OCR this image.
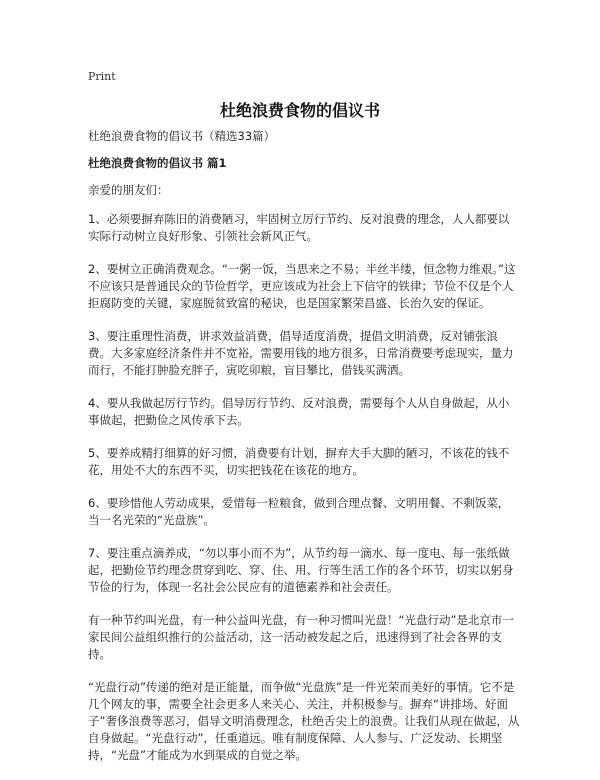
Print
杜绝浪费食物的倡议书

杜绝浪费食物的倡议书（精选33篇）

杜绝浪费食物的倡议书 篇1

亲爱的朋友们：

1、必须要摒弃陈旧的消费陋习，牢固树立厉行节约、反对浪费的理念，人人都要以实际行动树立良好形象、引领社会新风正气。

2、要树立正确消费观念。“一粥一饭，当思来之不易；半丝半缕，恒念物力维艰。”这不应该只是普通民众的节俭哲学，更应该成为社会上下信守的铁律；节俭不仅是个人拒腐防变的关键，家庭脱贫致富的秘诀，也是国家繁荣昌盛、长治久安的保证。

3、要注重理性消费，讲求效益消费，倡导适度消费，提倡文明消费，反对铺张浪费。大多家庭经济条件并不宽裕，需要用钱的地方很多，日常消费要考虑现实，量力而行，不能打肿脸充胖子，寅吃卯粮，盲目攀比，借钱买满洒。

4、要从我做起厉行节约。倡导厉行节约、反对浪费，需要每个人从自身做起，从小事做起，把勤俭之风传承下去。

5、要养成精打细算的好习惯，消费要有计划，摒弃大手大脚的陋习，不该花的钱不花，用处不大的东西不买，切实把钱花在该花的地方。

6、要珍惜他人劳动成果，爱惜每一粒粮食，做到合理点餐、文明用餐、不剩饭菜，当一名光荣的“光盘族”。

7、要注重点滴养成，“勿以事小而不为”，从节约每一滴水、每一度电、每一张纸做起，把勤俭节约理念贯穿到吃、穿、住、用、行等生活工作的各个环节，切实以躬身节俭的行为，体现一名社会公民应有的道德素养和社会责任。

有一种节约叫光盘，有一种公益叫光盘，有一种习惯叫光盘！“光盘行动”是北京市一家民间公益组织推行的公益活动，这一活动被发起之后，迅速得到了社会各界的支持。

“光盘行动”传递的绝对是正能量，而争做“光盘族”是一件光荣而美好的事情。它不是几个网友的事，需要全社会更多人来关心、关注，并积极参与。摒弃“讲排场、好面子”奢侈浪费等恶习，倡导文明消费理念，杜绝舌尖上的浪费。让我们从现在做起，从自身做起。“光盘行动”，任重道远。唯有制度保障、人人参与、广泛发动、长期坚持，“光盘”才能成为水到渠成的自觉之举。
